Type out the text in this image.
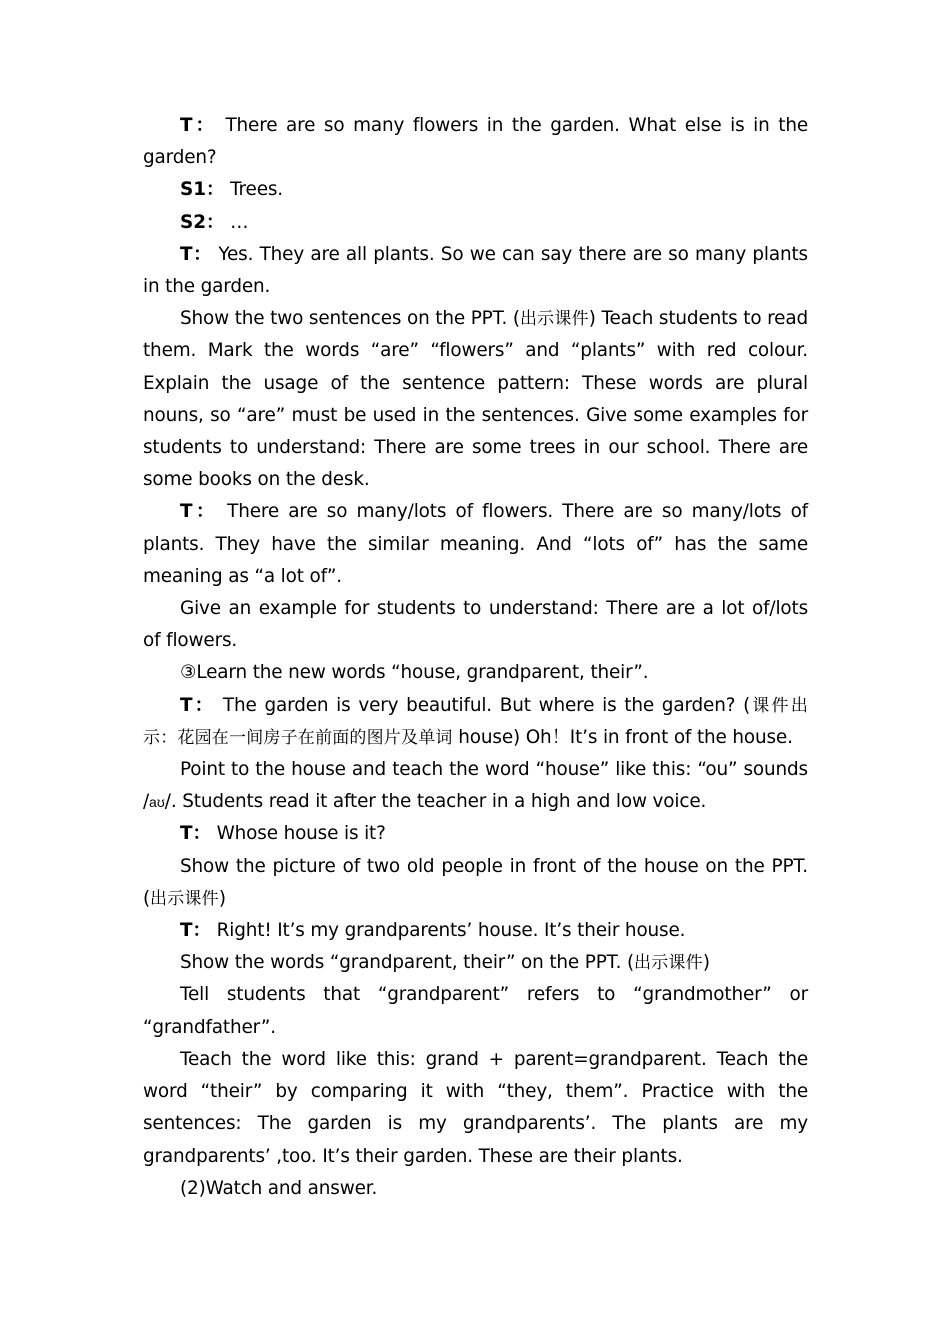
T： There are so many flowers in the garden. What else is in the garden?

S1： Trees.

S2： …

T： Yes. They are all plants. So we can say there are so many plants in the garden.

Show the two sentences on the PPT. (出示课件) Teach students to read them. Mark the words “are” “flowers” and “plants” with red colour. Explain the usage of the sentence pattern: These words are plural nouns, so “are” must be used in the sentences. Give some examples for students to understand: There are some trees in our school. There are some books on the desk.

T： There are so many/lots of flowers. There are so many/lots of plants. They have the similar meaning. And “lots of” has the same meaning as “a lot of”.

Give an example for students to understand: There are a lot of/lots of flowers.

③Learn the new words “house, grandparent, their”.

T： The garden is very beautiful. But where is the garden? (课件出示：花园在一间房子在前面的图片及单词 house) Oh！It’s in front of the house.

Point to the house and teach the word “house” like this: “ou” sounds /aʊ/. Students read it after the teacher in a high and low voice.

T： Whose house is it?

Show the picture of two old people in front of the house on the PPT. (出示课件)

T： Right! It’s my grandparents’ house. It’s their house.

Show the words “grandparent, their” on the PPT. (出示课件)

Tell students that “grandparent” refers to “grandmother” or “grandfather”.

Teach the word like this: grand + parent=grandparent. Teach the word “their” by comparing it with “they, them”. Practice with the sentences: The garden is my grandparents’. The plants are my grandparents’ ,too. It’s their garden. These are their plants.

(2)Watch and answer.
